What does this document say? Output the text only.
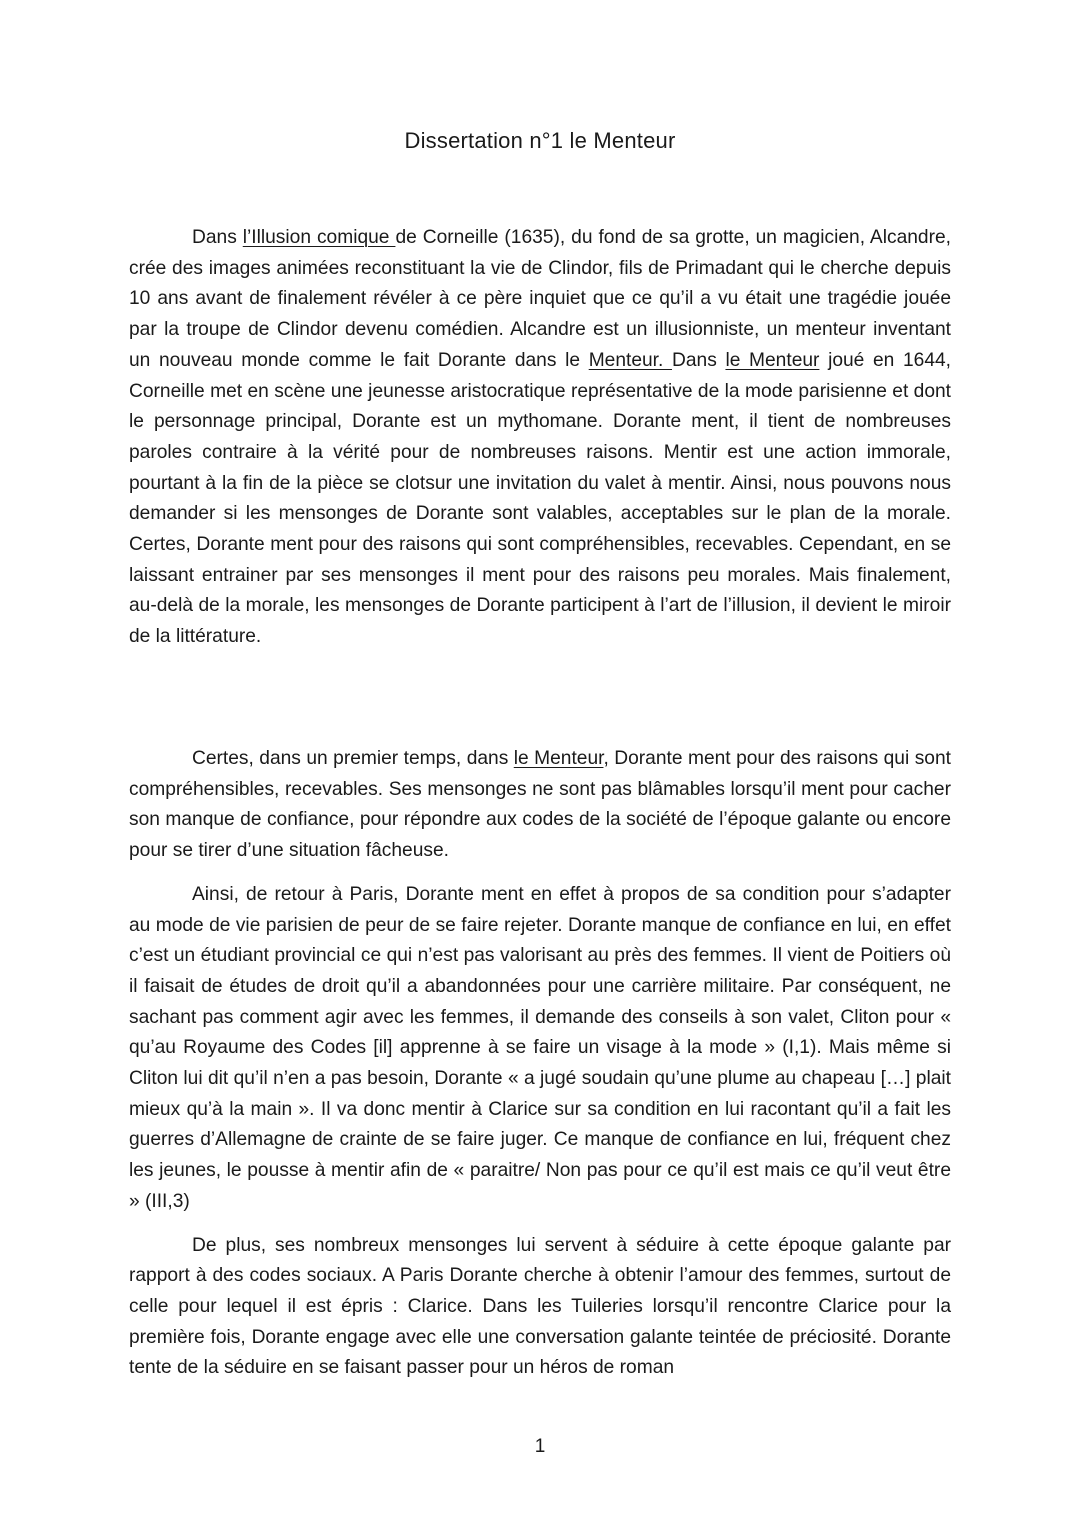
Dissertation n°1 le Menteur

Dans l’Illusion comique de Corneille (1635), du fond de sa grotte, un magicien, Alcandre, crée des images animées reconstituant la vie de Clindor, fils de Primadant qui le cherche depuis 10 ans avant de finalement révéler à ce père inquiet que ce qu’il a vu était une tragédie jouée par la troupe de Clindor devenu comédien. Alcandre est un illusionniste, un menteur inventant un nouveau monde comme le fait Dorante dans le Menteur. Dans le Menteur joué en 1644, Corneille met en scène une jeunesse aristocratique représentative de la mode parisienne et dont le personnage principal, Dorante est un mythomane. Dorante ment, il tient de nombreuses paroles contraire à la vérité pour de nombreuses raisons. Mentir est une action immorale, pourtant à la fin de la pièce se clotsur une invitation du valet à mentir. Ainsi, nous pouvons nous demander si les mensonges de Dorante sont valables, acceptables sur le plan de la morale. Certes, Dorante ment pour des raisons qui sont compréhensibles, recevables. Cependant, en se laissant entrainer par ses mensonges il ment pour des raisons peu morales. Mais finalement, au-delà de la morale, les mensonges de Dorante participent à l’art de l’illusion, il devient le miroir de la littérature.

Certes, dans un premier temps, dans le Menteur, Dorante ment pour des raisons qui sont compréhensibles, recevables. Ses mensonges ne sont pas blâmables lorsqu’il ment pour cacher son manque de confiance, pour répondre aux codes de la société de l’époque galante ou encore pour se tirer d’une situation fâcheuse.

Ainsi, de retour à Paris, Dorante ment en effet à propos de sa condition pour s’adapter au mode de vie parisien de peur de se faire rejeter. Dorante manque de confiance en lui, en effet c’est un étudiant provincial ce qui n’est pas valorisant au près des femmes. Il vient de Poitiers où il faisait de études de droit qu’il a abandonnées pour une carrière militaire. Par conséquent, ne sachant pas comment agir avec les femmes, il demande des conseils à son valet, Cliton pour « qu’au Royaume des Codes [il] apprenne à se faire un visage à la mode » (I,1). Mais même si Cliton lui dit qu’il n’en a pas besoin, Dorante « a jugé soudain qu’une plume au chapeau […] plait mieux qu’à la main ». Il va donc mentir à Clarice sur sa condition en lui racontant qu’il a fait les guerres d’Allemagne de crainte de se faire juger. Ce manque de confiance en lui, fréquent chez les jeunes, le pousse à mentir afin de « paraitre/ Non pas pour ce qu’il est mais ce qu’il veut être » (III,3)

De plus, ses nombreux mensonges lui servent à séduire à cette époque galante par rapport à des codes sociaux. A Paris Dorante cherche à obtenir l’amour des femmes, surtout de celle pour lequel il est épris : Clarice. Dans les Tuileries lorsqu’il rencontre Clarice pour la première fois, Dorante engage avec elle une conversation galante teintée de préciosité. Dorante tente de la séduire en se faisant passer pour un héros de roman

1
